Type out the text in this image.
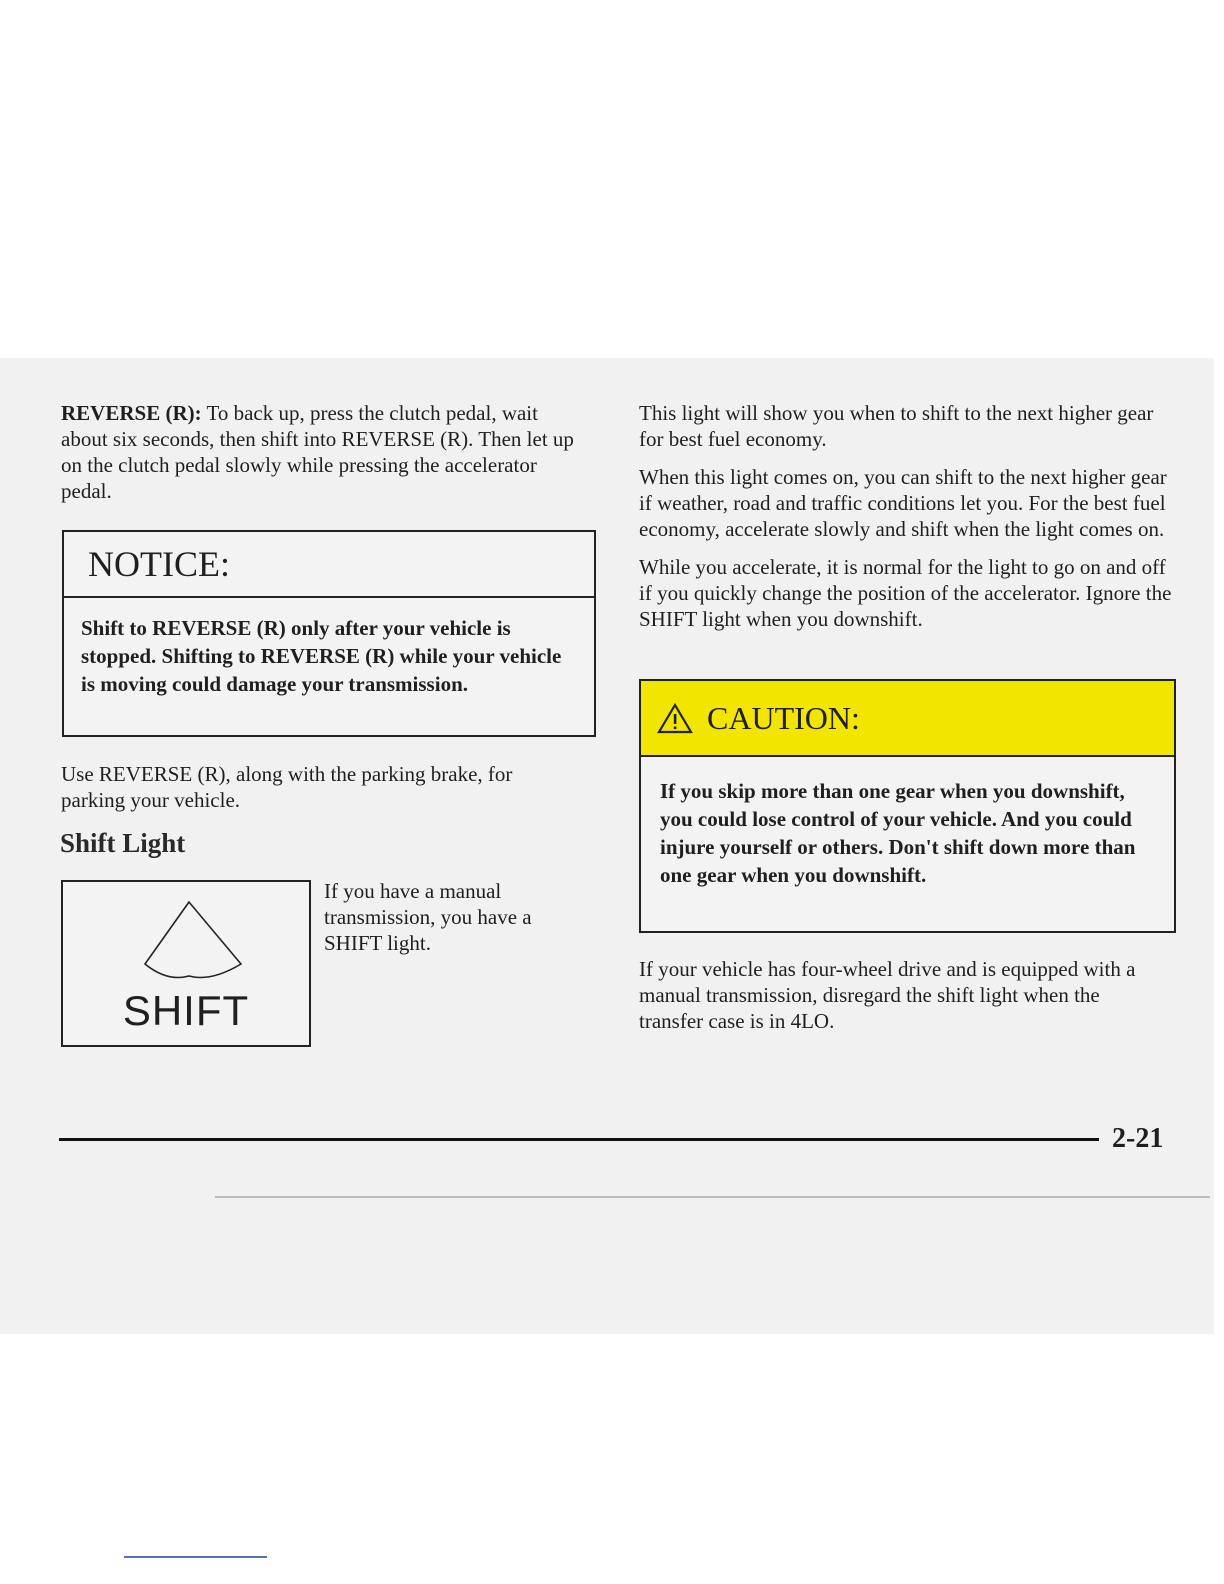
REVERSE (R): To back up, press the clutch pedal, wait about six seconds, then shift into REVERSE (R). Then let up on the clutch pedal slowly while pressing the accelerator pedal.

NOTICE:
Shift to REVERSE (R) only after your vehicle is stopped. Shifting to REVERSE (R) while your vehicle is moving could damage your transmission.

Use REVERSE (R), along with the parking brake, for parking your vehicle.

Shift Light
SHIFT

If you have a manual transmission, you have a SHIFT light.

This light will show you when to shift to the next higher gear for best fuel economy.

When this light comes on, you can shift to the next higher gear if weather, road and traffic conditions let you. For the best fuel economy, accelerate slowly and shift when the light comes on.

While you accelerate, it is normal for the light to go on and off if you quickly change the position of the accelerator. Ignore the SHIFT light when you downshift.

CAUTION:
If you skip more than one gear when you downshift, you could lose control of your vehicle. And you could injure yourself or others. Don't shift down more than one gear when you downshift.

If your vehicle has four-wheel drive and is equipped with a manual transmission, disregard the shift light when the transfer case is in 4LO.

2-21
